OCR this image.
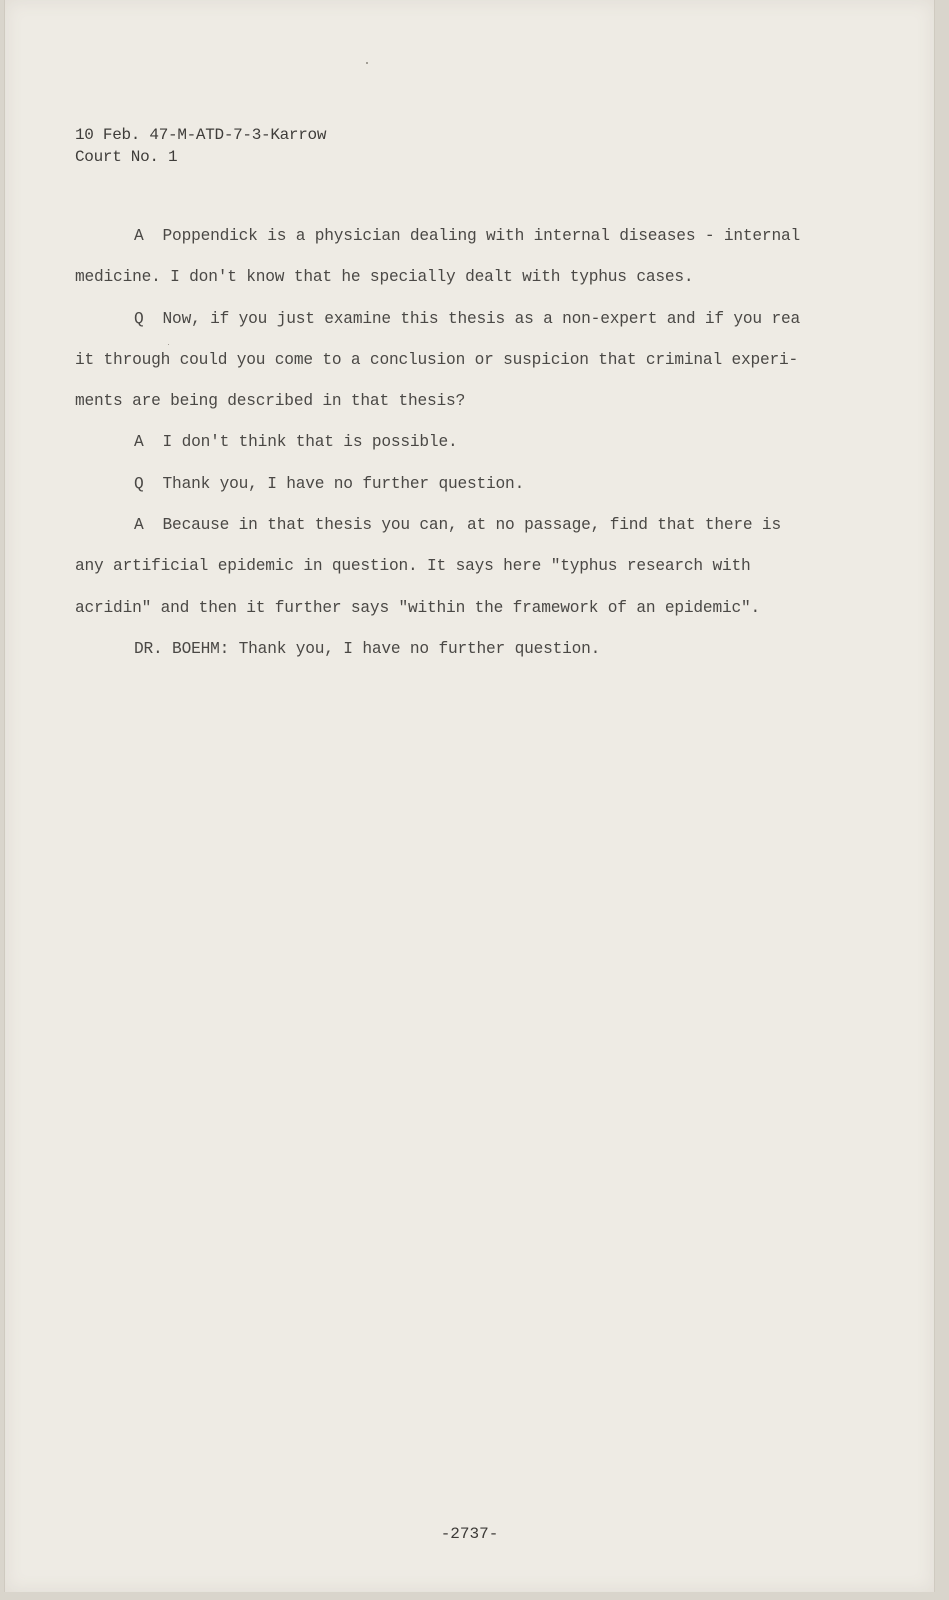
10 Feb. 47-M-ATD-7-3-Karrow
Court No. 1
A  Poppendick is a physician dealing with internal diseases - internal
medicine. I don't know that he specially dealt with typhus cases.
Q  Now, if you just examine this thesis as a non-expert and if you rea
it through could you come to a conclusion or suspicion that criminal experi-
ments are being described in that thesis?
A  I don't think that is possible.
Q  Thank you, I have no further question.
A  Because in that thesis you can, at no passage, find that there is
any artificial epidemic in question. It says here "typhus research with
acridin" and then it further says "within the framework of an epidemic".
DR. BOEHM: Thank you, I have no further question.
-2737-
